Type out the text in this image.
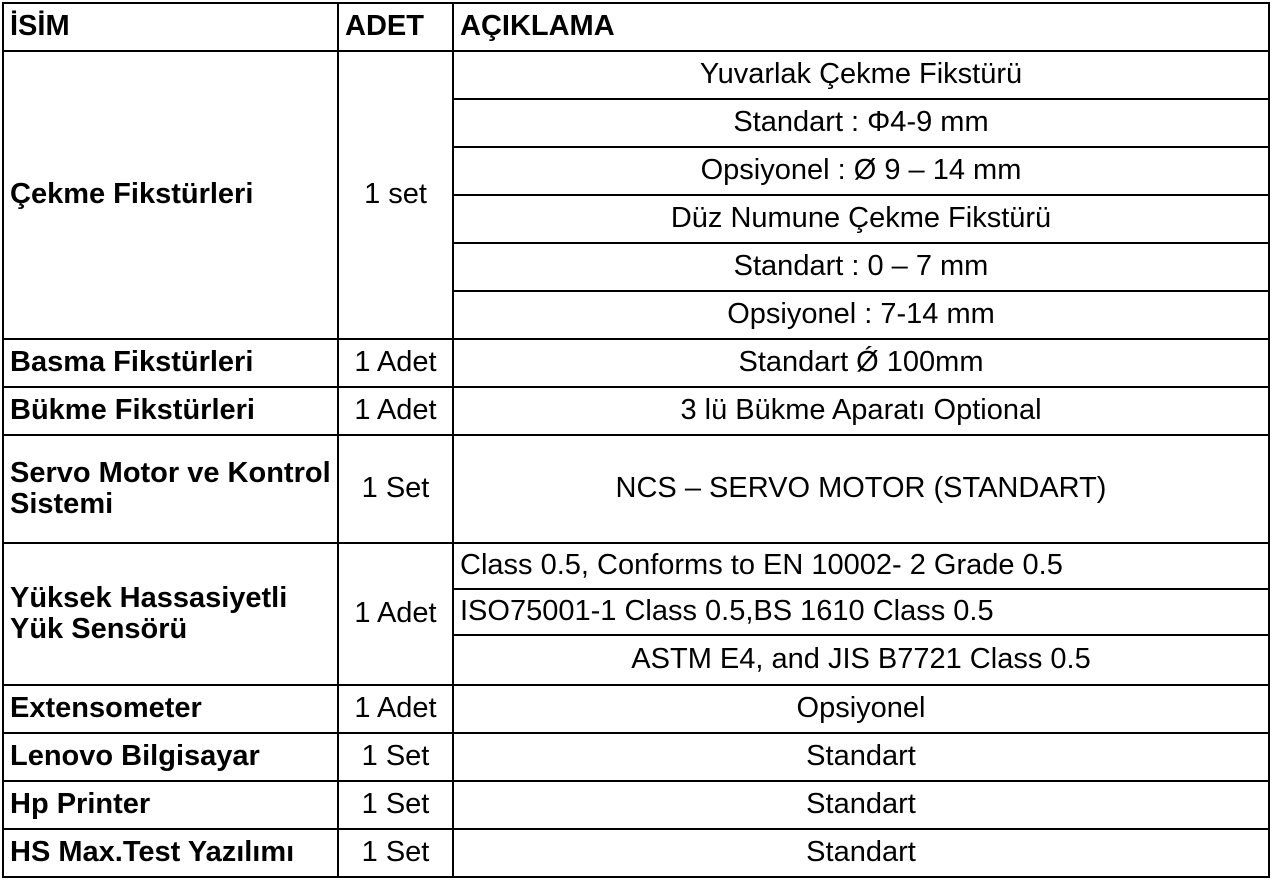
İSİM	ADET	AÇIKLAMA
Çekme Fikstürleri	1 set	Yuvarlak Çekme Fikstürü
		Standart : Φ4-9 mm
		Opsiyonel : Ø 9 – 14 mm
		Düz Numune Çekme Fikstürü
		Standart : 0 – 7 mm
		Opsiyonel : 7-14 mm
Basma Fikstürleri	1 Adet	Standart Ǿ 100mm
Bükme Fikstürleri	1 Adet	3 lü Bükme Aparatı Optional
Servo Motor ve Kontrol Sistemi	1 Set	NCS – SERVO MOTOR (STANDART)
Yüksek Hassasiyetli Yük Sensörü	1 Adet	Class 0.5, Conforms to EN 10002- 2 Grade 0.5
		ISO75001-1 Class 0.5,BS 1610 Class 0.5
		ASTM E4, and JIS B7721 Class 0.5
Extensometer	1 Adet	Opsiyonel
Lenovo Bilgisayar	1 Set	Standart
Hp Printer	1 Set	Standart
HS Max.Test Yazılımı	1 Set	Standart
